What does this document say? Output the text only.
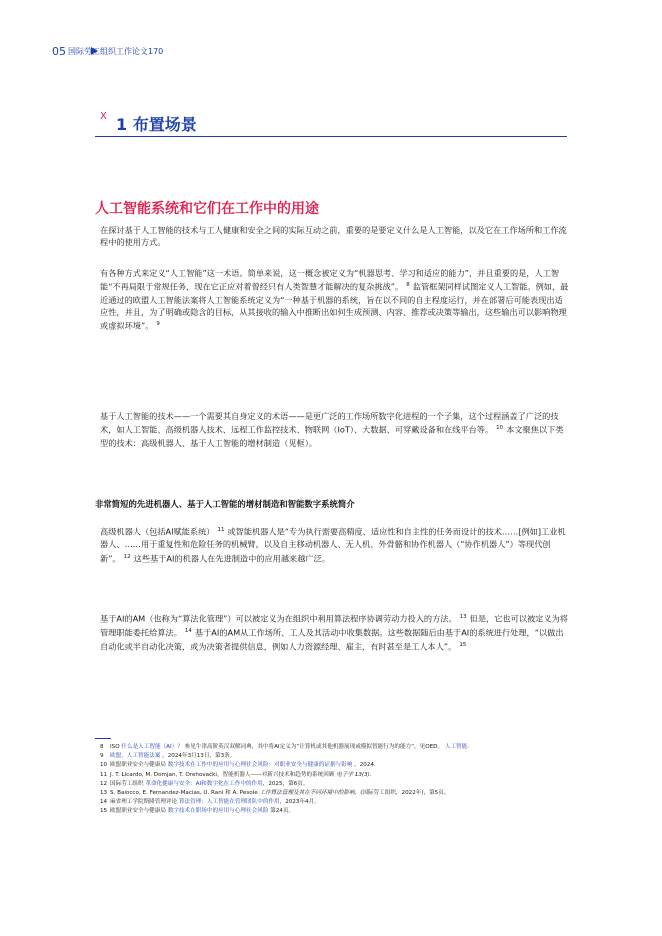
05 国际劳工组织工作论文170
X 1 布置场景
人工智能系统和它们在工作中的用途
在探讨基于人工智能的技术与工人健康和安全之间的实际互动之前，重要的是要定义什么是人工智能，以及它在工作场所和工作流程中的使用方式。
有各种方式来定义“人工智能”这一术语。简单来说，这一概念被定义为“机器思考、学习和适应的能力”，并且重要的是，人工智能“不再局限于常规任务，现在它正应对着曾经只有人类智慧才能解决的复杂挑战”。 $^8$ 监管框架同样试图定义人工智能。例如，最近通过的欧盟人工智能法案将人工智能系统定义为“一种基于机器的系统，旨在以不同的自主程度运行，并在部署后可能表现出适应性，并且，为了明确或隐含的目标，从其接收的输入中推断出如何生成预测、内容、推荐或决策等输出，这些输出可以影响物理或虚拟环境”。 $^9$
基于人工智能的技术——一个需要其自身定义的术语——是更广泛的工作场所数字化进程的一个子集，这个过程涵盖了广泛的技术，如人工智能、高级机器人技术、远程工作监控技术、物联网（IoT）、大数据、可穿戴设备和在线平台等。 $^{10}$ 本文聚焦以下类型的技术：高级机器人、基于人工智能的增材制造（见框）。
非常简短的先进机器人、基于人工智能的增材制造和智能数字系统简介
高级机器人（包括AI赋能系统） $^{11}$ 或智能机器人是“专为执行需要高精度、适应性和自主性的任务而设计的技术……[例如]工业机器人、……用于重复性和危险任务的机械臂，以及自主移动机器人、无人机、外骨骼和协作机器人（“协作机器人”）等现代创新”。 $^{12}$ 这些基于AI的机器人在先进制造中的应用越来越广泛。
基于AI的AM（也称为“算法化管理”）可以被定义为在组织中利用算法程序协调劳动力投入的方法。 $^{13}$ 但是，它也可以被定义为将管理职能委托给算法。 $^{14}$ 基于AI的AM从工作场所、工人及其活动中收集数据。这些数据随后由基于AI的系统进行处理，“以做出自动化或半自动化决策，或为决策者提供信息，例如人力资源经理、雇主，有时甚至是工人本人”。 $^{15}$
8 ISO 什么是人工智能（AI）？ 参见牛津高阶英汉双解词典，其中将AI定义为“计算机或其他机器展现或模拟智能行为的能力”，见OED。 人工智能.
9 欧盟，人工智能法案 ，2024年3月13日，第3条。
10 欧盟职业安全与健康局 数字技术在工作中的应用与心理社会风险：对职业安全与健康的证据与影响 ，2024.
11 J. T. Licardo, M. Domjan, T. Orehovački，智能机器人——对新兴技术和趋势的系统回顾 电子学 13(3).
12 国际劳工组织 革命化健康与安全：AI和数字化在工作中的作用，2025，第6页。
13 S. Baiocco, E. Fernandez-Macias, U. Rani 和 A. Pesole 工作算法管理及其在不同环境中的影响，(国际劳工组织，2022年)，第5页。
14 麻省理工学院斯隆管理评论 算法管理：人工智能在管理团队中的作用，2023年4月。
15 欧盟职业安全与健康局 数字技术在职场中的应用与心理社会风险 第24页。
